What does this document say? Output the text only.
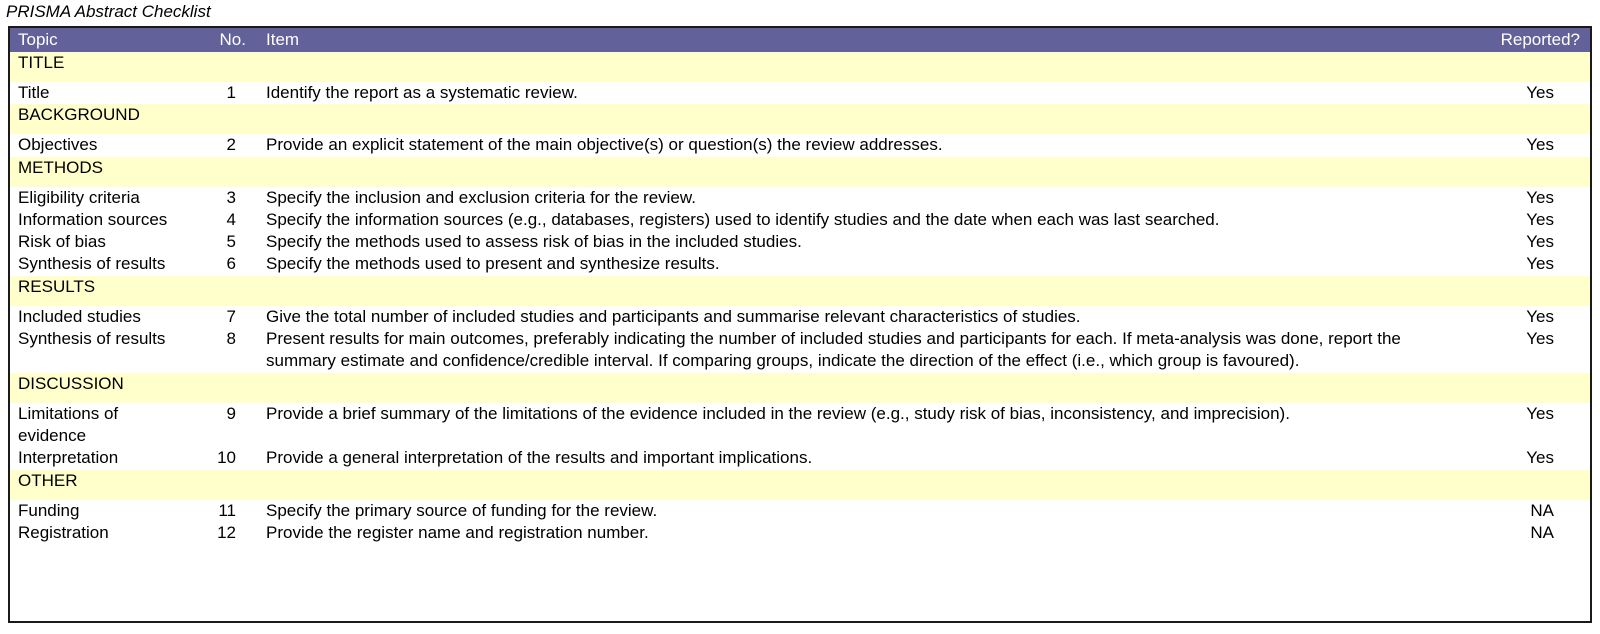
PRISMA Abstract Checklist
Topic	No.	Item	Reported?
TITLE			
Title	1	Identify the report as a systematic review.	Yes
BACKGROUND			
Objectives	2	Provide an explicit statement of the main objective(s) or question(s) the review addresses.	Yes
METHODS			
Eligibility criteria	3	Specify the inclusion and exclusion criteria for the review.	Yes
Information sources	4	Specify the information sources (e.g., databases, registers) used to identify studies and the date when each was last searched.	Yes
Risk of bias	5	Specify the methods used to assess risk of bias in the included studies.	Yes
Synthesis of results	6	Specify the methods used to present and synthesize results.	Yes
RESULTS			
Included studies	7	Give the total number of included studies and participants and summarise relevant characteristics of studies.	Yes
Synthesis of results	8	Present results for main outcomes, preferably indicating the number of included studies and participants for each. If meta-analysis was done, report the summary estimate and confidence/credible interval. If comparing groups, indicate the direction of the effect (i.e., which group is favoured).	Yes
DISCUSSION			
Limitations of evidence	9	Provide a brief summary of the limitations of the evidence included in the review (e.g., study risk of bias, inconsistency, and imprecision).	Yes
Interpretation	10	Provide a general interpretation of the results and important implications.	Yes
OTHER			
Funding	11	Specify the primary source of funding for the review.	NA
Registration	12	Provide the register name and registration number.	NA
